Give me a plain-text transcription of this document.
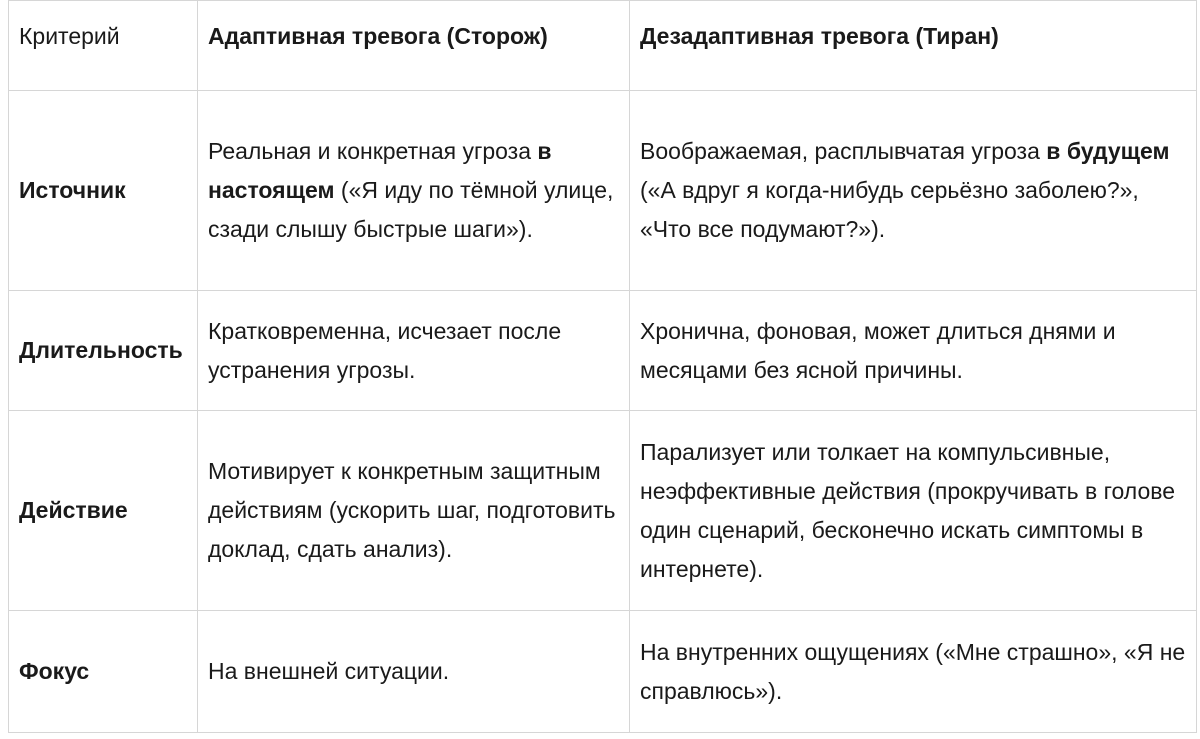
Критерий	Адаптивная тревога (Сторож)	Дезадаптивная тревога (Тиран)
Источник	Реальная и конкретная угроза в настоящем («Я иду по тёмной улице, сзади слышу быстрые шаги»).	Воображаемая, расплывчатая угроза в будущем («А вдруг я когда-нибудь серьёзно заболею?», «Что все подумают?»).
Длительность	Кратковременна, исчезает после устранения угрозы.	Хронична, фоновая, может длиться днями и месяцами без ясной причины.
Действие	Мотивирует к конкретным защитным действиям (ускорить шаг, подготовить доклад, сдать анализ).	Парализует или толкает на компульсивные, неэффективные действия (прокручивать в голове один сценарий, бесконечно искать симптомы в интернете).
Фокус	На внешней ситуации.	На внутренних ощущениях («Мне страшно», «Я не справлюсь»).
